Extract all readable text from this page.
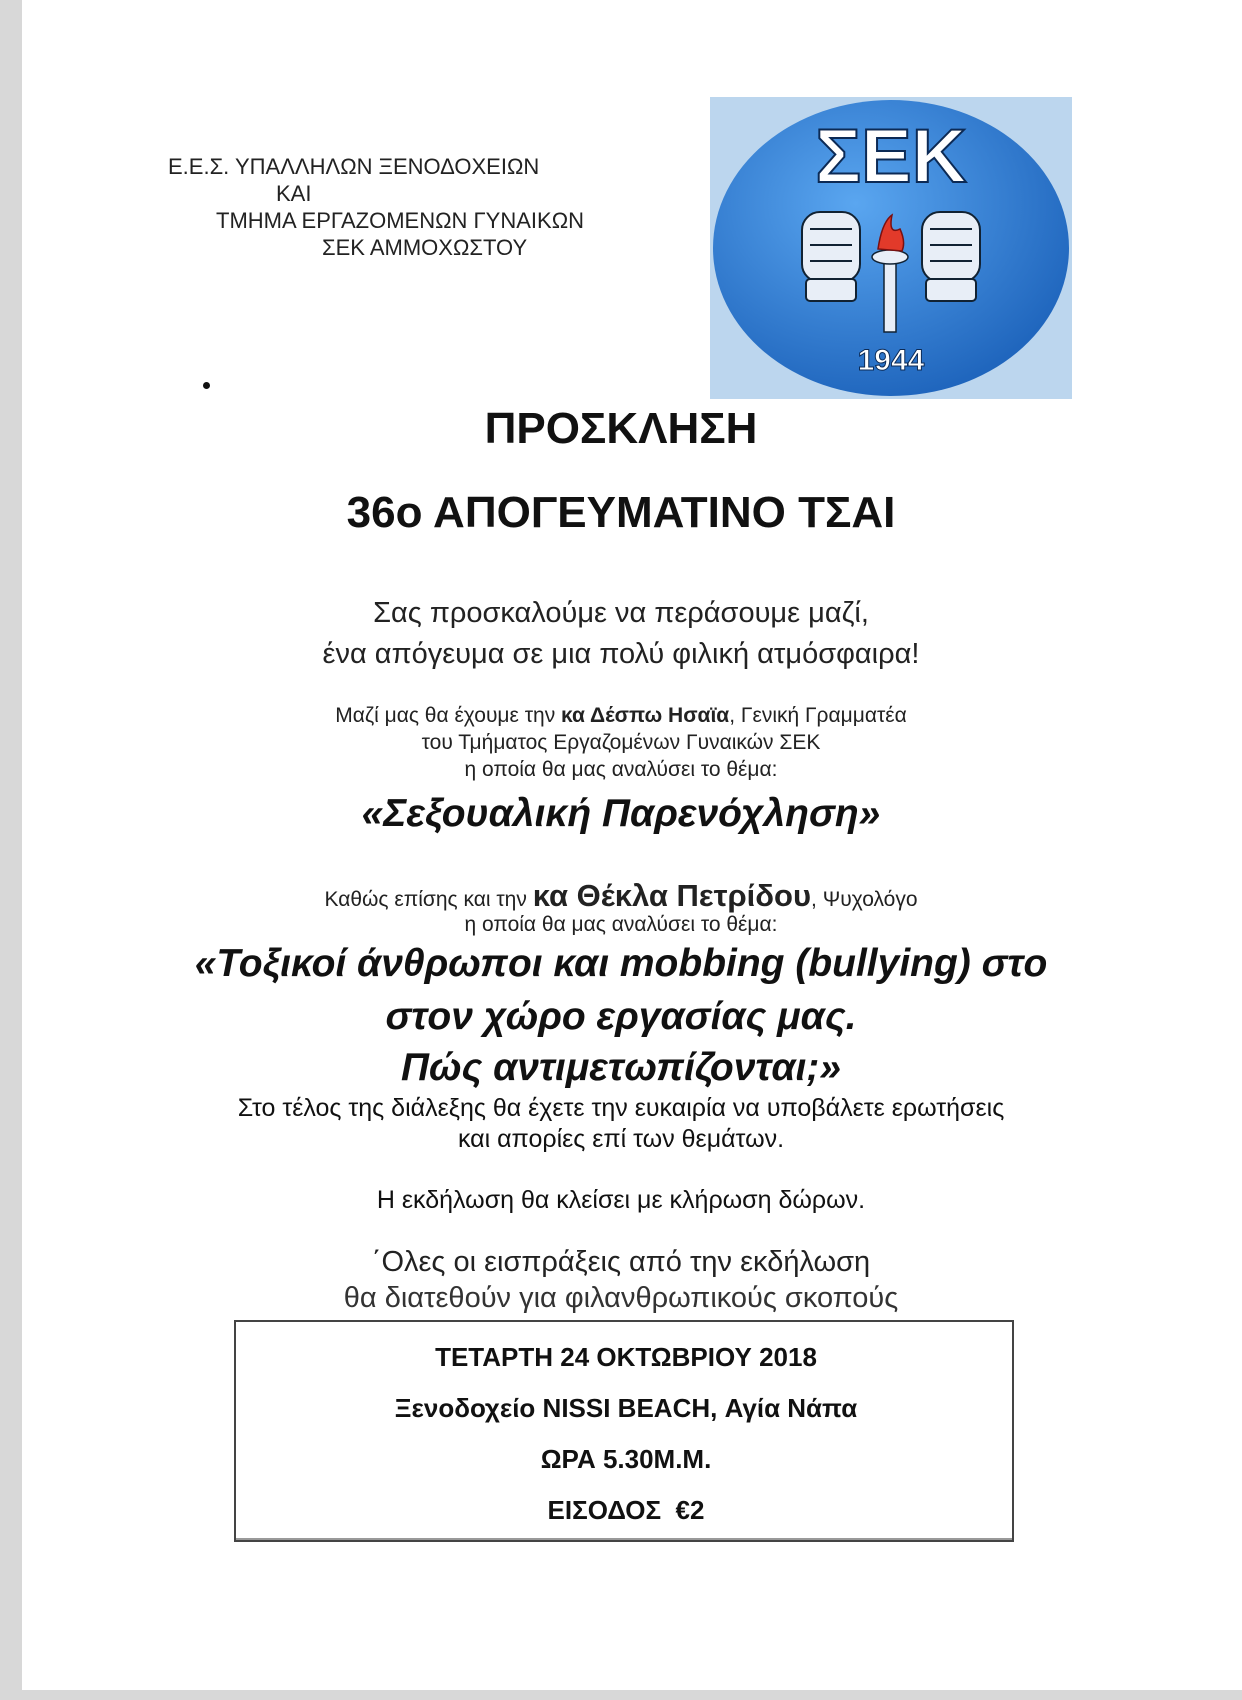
Ε.Ε.Σ. ΥΠΑΛΛΗΛΩΝ ΞΕΝΟΔΟΧΕΙΩΝ
ΚΑΙ
ΤΜΗΜΑ ΕΡΓΑΖΟΜΕΝΩΝ ΓΥΝΑΙΚΩΝ
ΣΕΚ ΑΜΜΟΧΩΣΤΟΥ
ΣΕΚ
1944
ΠΡΟΣΚΛΗΣΗ
36ο ΑΠΟΓΕΥΜΑΤΙΝΟ ΤΣΑΙ
Σας προσκαλούμε να περάσουμε μαζί,
ένα απόγευμα σε μια πολύ φιλική ατμόσφαιρα!
Μαζί μας θα έχουμε την κα Δέσπω Ησαϊα, Γενική Γραμματέα
του Τμήματος Εργαζομένων Γυναικών ΣΕΚ
η οποία θα μας αναλύσει το θέμα:
«Σεξουαλική Παρενόχληση»
Καθώς επίσης και την κα Θέκλα Πετρίδου, Ψυχολόγο
η οποία θα μας αναλύσει το θέμα:
«Τοξικοί άνθρωποι και mobbing (bullying) στο
στον χώρο εργασίας μας.
Πώς αντιμετωπίζονται;»
Στο τέλος της διάλεξης θα έχετε την ευκαιρία να υποβάλετε ερωτήσεις
και απορίες επί των θεμάτων.
Η εκδήλωση θα κλείσει με κλήρωση δώρων.
΄Ολες οι εισπράξεις από την εκδήλωση
θα διατεθούν για φιλανθρωπικούς σκοπούς
ΤΕΤΑΡΤΗ 24 ΟΚΤΩΒΡΙΟΥ 2018
Ξενοδοχείο NISSI BEACH, Αγία Νάπα
ΩΡΑ 5.30Μ.Μ.
ΕΙΣΟΔΟΣ  €2
